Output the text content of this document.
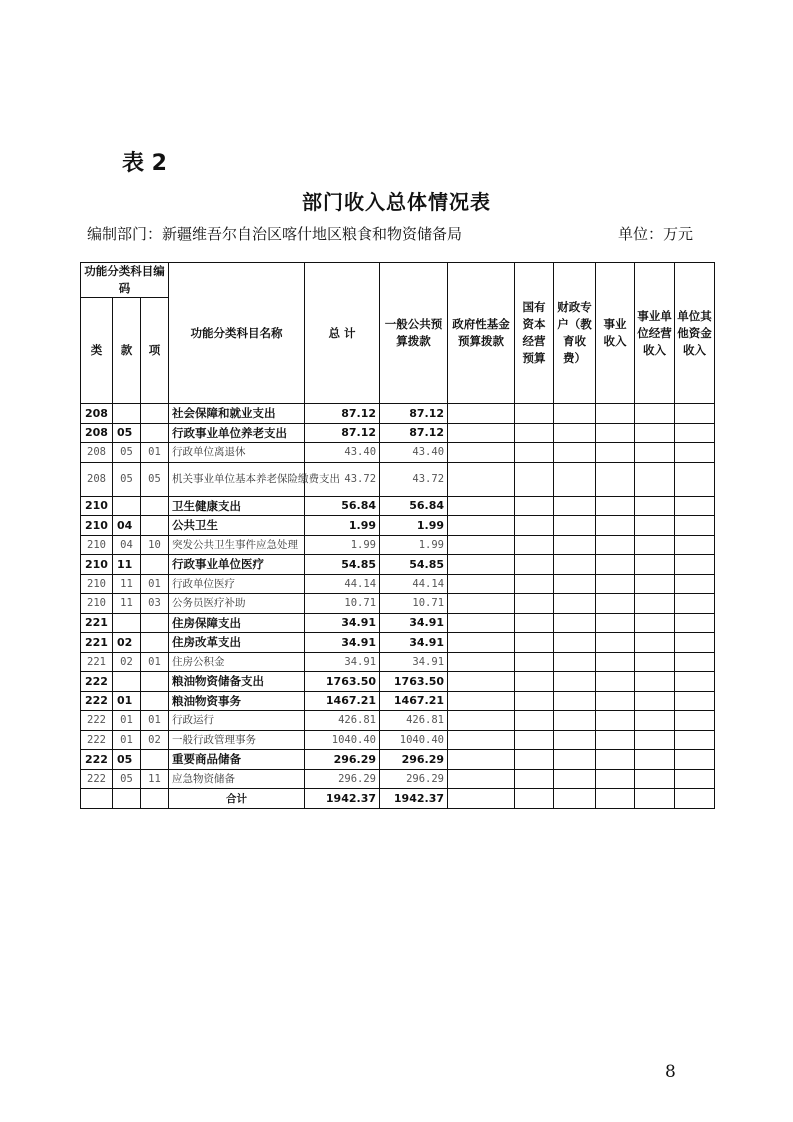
表 2
部门收入总体情况表
编制部门：新疆维吾尔自治区喀什地区粮食和物资储备局	单位：万元
功能分类科目编码			功能分类科目名称	总 计	一般公共预算拨款	政府性基金预算拨款	国有资本经营预算	财政专户（教育收费）	事业收入	事业单位经营收入	单位其他资金收入
类	款	项									
208			社会保障和就业支出	87.12	87.12						
208	05		行政事业单位养老支出	87.12	87.12						
208	05	01	行政单位离退休	43.40	43.40						
208	05	05	机关事业单位基本养老保险缴费支出	43.72	43.72						
210			卫生健康支出	56.84	56.84						
210	04		公共卫生	1.99	1.99						
210	04	10	突发公共卫生事件应急处理	1.99	1.99						
210	11		行政事业单位医疗	54.85	54.85						
210	11	01	行政单位医疗	44.14	44.14						
210	11	03	公务员医疗补助	10.71	10.71						
221			住房保障支出	34.91	34.91						
221	02		住房改革支出	34.91	34.91						
221	02	01	住房公积金	34.91	34.91						
222			粮油物资储备支出	1763.50	1763.50						
222	01		粮油物资事务	1467.21	1467.21						
222	01	01	行政运行	426.81	426.81						
222	01	02	一般行政管理事务	1040.40	1040.40						
222	05		重要商品储备	296.29	296.29						
222	05	11	应急物资储备	296.29	296.29						
			合计	1942.37	1942.37						
8
